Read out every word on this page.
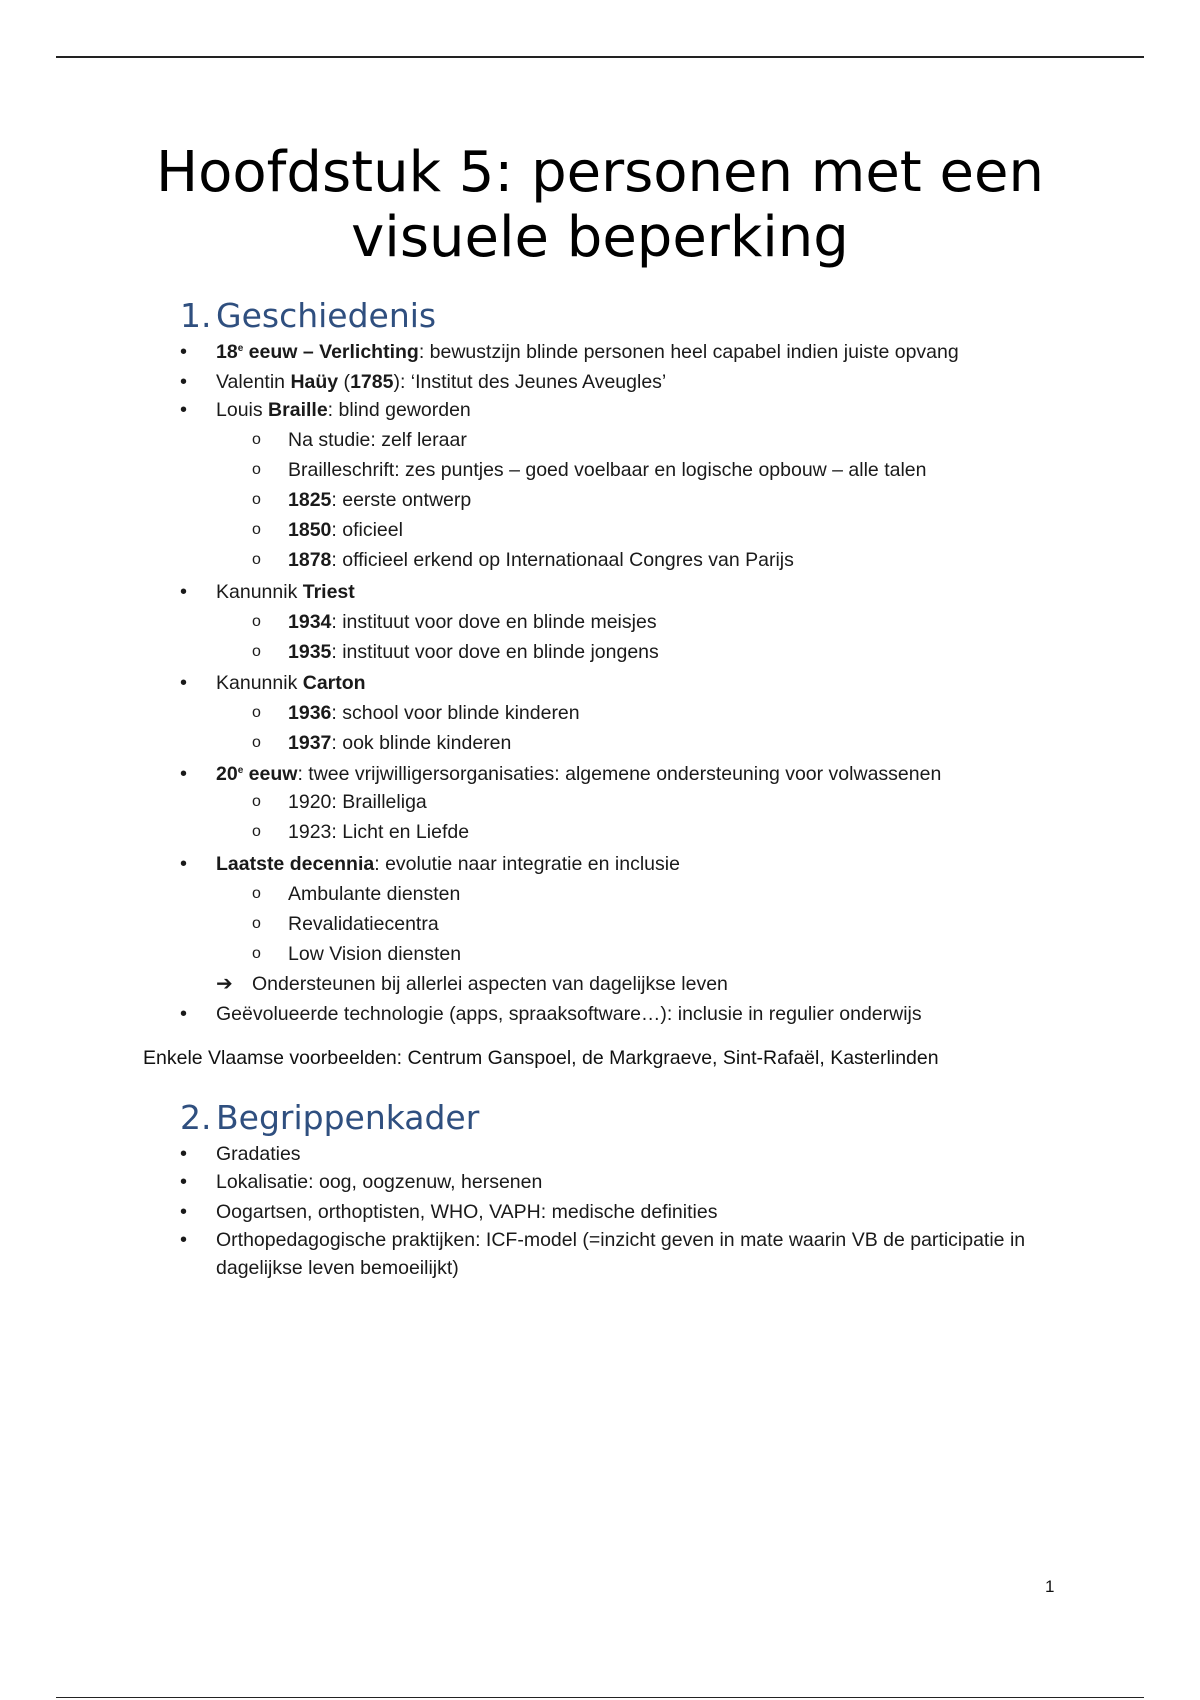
Hoofdstuk 5: personen met een
visuele beperking
1. Geschiedenis
• 18e eeuw – Verlichting: bewustzijn blinde personen heel capabel indien juiste opvang
• Valentin Haüy (1785): ‘Institut des Jeunes Aveugles’
• Louis Braille: blind geworden
o Na studie: zelf leraar
o Brailleschrift: zes puntjes – goed voelbaar en logische opbouw – alle talen
o 1825: eerste ontwerp
o 1850: oficieel
o 1878: officieel erkend op Internationaal Congres van Parijs
• Kanunnik Triest
o 1934: instituut voor dove en blinde meisjes
o 1935: instituut voor dove en blinde jongens
• Kanunnik Carton
o 1936: school voor blinde kinderen
o 1937: ook blinde kinderen
• 20e eeuw: twee vrijwilligersorganisaties: algemene ondersteuning voor volwassenen
o 1920: Brailleliga
o 1923: Licht en Liefde
• Laatste decennia: evolutie naar integratie en inclusie
o Ambulante diensten
o Revalidatiecentra
o Low Vision diensten
➔ Ondersteunen bij allerlei aspecten van dagelijkse leven
• Geëvolueerde technologie (apps, spraaksoftware…): inclusie in regulier onderwijs

Enkele Vlaamse voorbeelden: Centrum Ganspoel, de Markgraeve, Sint-Rafaël, Kasterlinden

2. Begrippenkader
• Gradaties
• Lokalisatie: oog, oogzenuw, hersenen
• Oogartsen, orthoptisten, WHO, VAPH: medische definities
• Orthopedagogische praktijken: ICF-model (=inzicht geven in mate waarin VB de participatie in dagelijkse leven bemoeilijkt)
1
